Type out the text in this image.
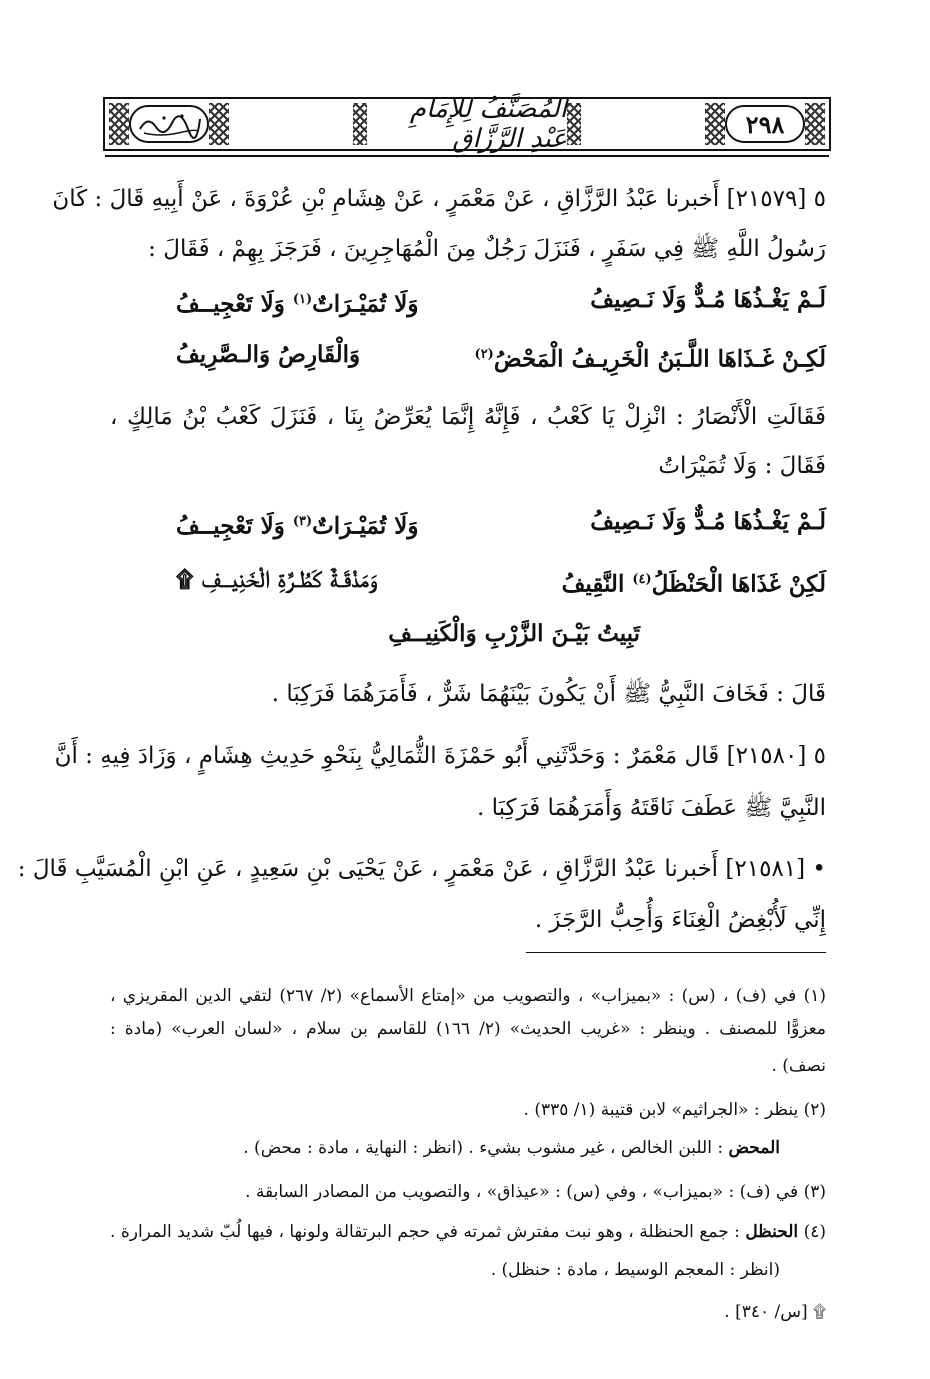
٢٩٨
المُصَنَّفُ لِلإِمَامِ عَبْدِ الرَّزَّاقِ
٥ [٢١٥٧٩] أَخبرنا عَبْدُ الرَّزَّاقِ ، عَنْ مَعْمَرٍ ، عَنْ هِشَامِ بْنِ عُرْوَةَ ، عَنْ أَبِيهِ قَالَ : كَانَ
رَسُولُ اللَّهِ ﷺ فِي سَفَرٍ ، فَنَزَلَ رَجُلٌ مِنَ الْمُهَاجِرِينَ ، فَرَجَزَ بِهِمْ ، فَقَالَ :
لَـمْ يَغْـذُهَا مُـدٌّ وَلَا نَـصِيفُ
وَلَا تُمَيْـرَاتٌ$^{(١)}$ وَلَا تَعْجِيــفُ
لَكِـنْ غَـذَاهَا اللَّـبَنُ الْخَرِيـفُ الْمَحْضُ$^{(٢)}$
وَالْقَارِصُ وَالـصَّرِيفُ
فَقَالَتِ الْأَنْصَارُ : انْزِلْ يَا كَعْبُ ، فَإِنَّهُ إِنَّمَا يُعَرِّضُ بِنَا ، فَنَزَلَ كَعْبُ بْنُ مَالِكٍ ،
فَقَالَ : وَلَا تُمَيْرَاتُ
لَـمْ يَغْـذُهَا مُـدٌّ وَلَا نَـصِيفُ
وَلَا تُمَيْـرَاتٌ$^{(٣)}$ وَلَا تَعْجِيــفُ
لَكِنْ غَذَاهَا الْحَنْظَلُ$^{(٤)}$ النَّقِيفُ
وَمَذْقَـةٌ كَطُـرَّةِ الْخَنِيــفِ ۩
تَبِيتُ بَيْـنَ الزَّرْبِ وَالْكَنِيــفِ
قَالَ : فَخَافَ النَّبِيُّ ﷺ أَنْ يَكُونَ بَيْنَهُمَا شَرٌّ ، فَأَمَرَهُمَا فَرَكِبَا .
٥ [٢١٥٨٠] قَال مَعْمَرٌ : وَحَدَّثَنِي أَبُو حَمْزَةَ الثُّمَالِيُّ بِنَحْوِ حَدِيثِ هِشَامٍ ، وَزَادَ فِيهِ : أَنَّ
النَّبِيَّ ﷺ عَطَفَ نَاقَتَهُ وَأَمَرَهُمَا فَرَكِبَا .
• [٢١٥٨١] أَخبرنا عَبْدُ الرَّزَّاقِ ، عَنْ مَعْمَرٍ ، عَنْ يَحْيَى بْنِ سَعِيدٍ ، عَنِ ابْنِ الْمُسَيَّبِ قَالَ :
إِنِّي لَأُبْغِضُ الْغِنَاءَ وَأُحِبُّ الرَّجَزَ .
(١) في (ف) ، (س) : «بميزاب» ، والتصويب من «إمتاع الأسماع» (٢/ ٢٦٧) لتقي الدين المقريزي ،
معزوًّا للمصنف . وينظر : «غريب الحديث» (٢/ ١٦٦) للقاسم بن سلام ، «لسان العرب» (مادة :
نصف) .
(٢) ينظر : «الجراثيم» لابن قتيبة (١/ ٣٣٥) .
المحض : اللبن الخالص ، غير مشوب بشيء . (انظر : النهاية ، مادة : محض) .
(٣) في (ف) : «بميزاب» ، وفي (س) : «عيذاق» ، والتصويب من المصادر السابقة .
(٤) الحنظل : جمع الحنظلة ، وهو نبت مفترش ثمرته في حجم البرتقالة ولونها ، فيها لُبّ شديد المرارة .
(انظر : المعجم الوسيط ، مادة : حنظل) .
۩ [س/ ٣٤٠] .
